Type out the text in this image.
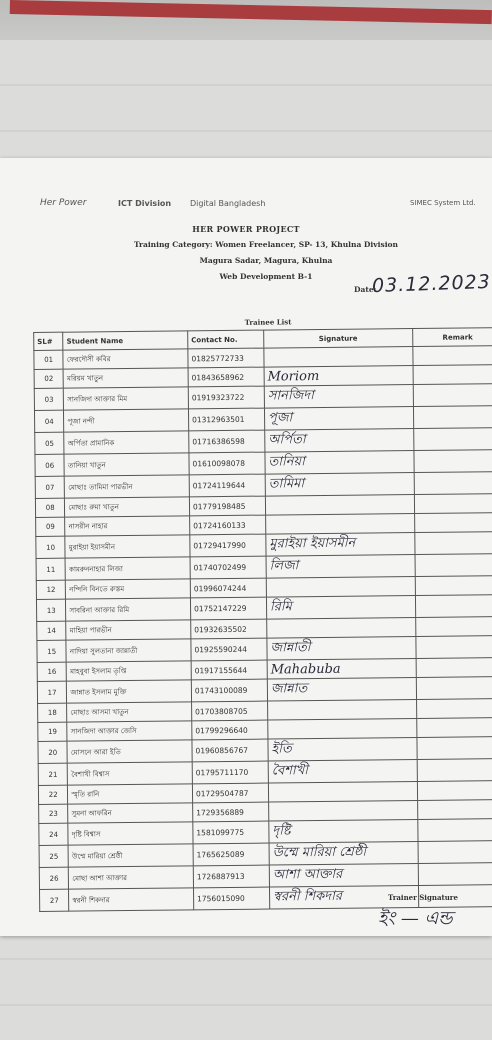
Her Power	ICT Division Digital Bangladesh	SIMEC System Ltd.
HER POWER PROJECT
Training Category: Women Freelancer, SP- 13, Khulna Division
Magura Sadar, Magura, Khulna
Web Development B-1
Date:
03.12.2023
Trainee List				
SL#	Student Name	Contact No.	Signature	Remark
01	ফেরদৌসী কবির	01825772733		
02	মরিয়ম খাতুন	01843658962	Moriom	
03	সানজিদা আক্তার মিম	01919323722	সানজিদা	
04	পূজা নন্দী	01312963501	পূজা	
05	অর্পিতা প্রামানিক	01716386598	অর্পিতা	
06	তানিয়া খাতুন	01610098078	তানিয়া	
07	মোছাঃ তামিমা পারভীন	01724119644	তামিমা	
08	মোছাঃ রুমা খাতুন	01779198485		
09	নাসরীন নাহার	01724160133		
10	মুরাইয়া ইয়াসমীন	01729417990	মুরাইয়া ইয়াসমীন	
11	কামরুননাহার লিজা	01740702499	লিজা	
12	নন্দিনি বিনতে রুস্তম	01996074244		
13	সাবরিনা আক্তার রিমি	01752147229	রিমি	
14	মাহিয়া পারভীন	01932635502		
15	নাদিয়া সুলতানা জান্নাতী	01925590244	জান্নাতী	
16	মাহবুবা ইসলাম তৃপ্তি	01917155644	Mahabuba	
17	জান্নাত ইসলাম মুক্তি	01743100089	জান্নাত	
18	মোছাঃ আসমা খাতুন	01703808705		
19	সানজিদা আক্তার জেসি	01799296640		
20	মোসনে আরা ইতি	01960856767	ইতি	
21	বৈশাখী বিশ্বাস	01795711170	বৈশাখী	
22	স্মৃতি রানি	01729504787		
23	সুমনা আফরিন	1729356889		
24	দৃষ্টি বিশ্বাস	1581099775	দৃষ্টি	
25	উম্মে মারিয়া শ্রেষ্ঠী	1765625089	উম্মে মারিয়া শ্রেষ্ঠী	
26	মোছা আশা আক্তার	1726887913	আশা আক্তার	
27	স্বরনী শিকদার	1756015090	স্বরনী শিকদার		Trainer Signature
ইং — এন্ড
